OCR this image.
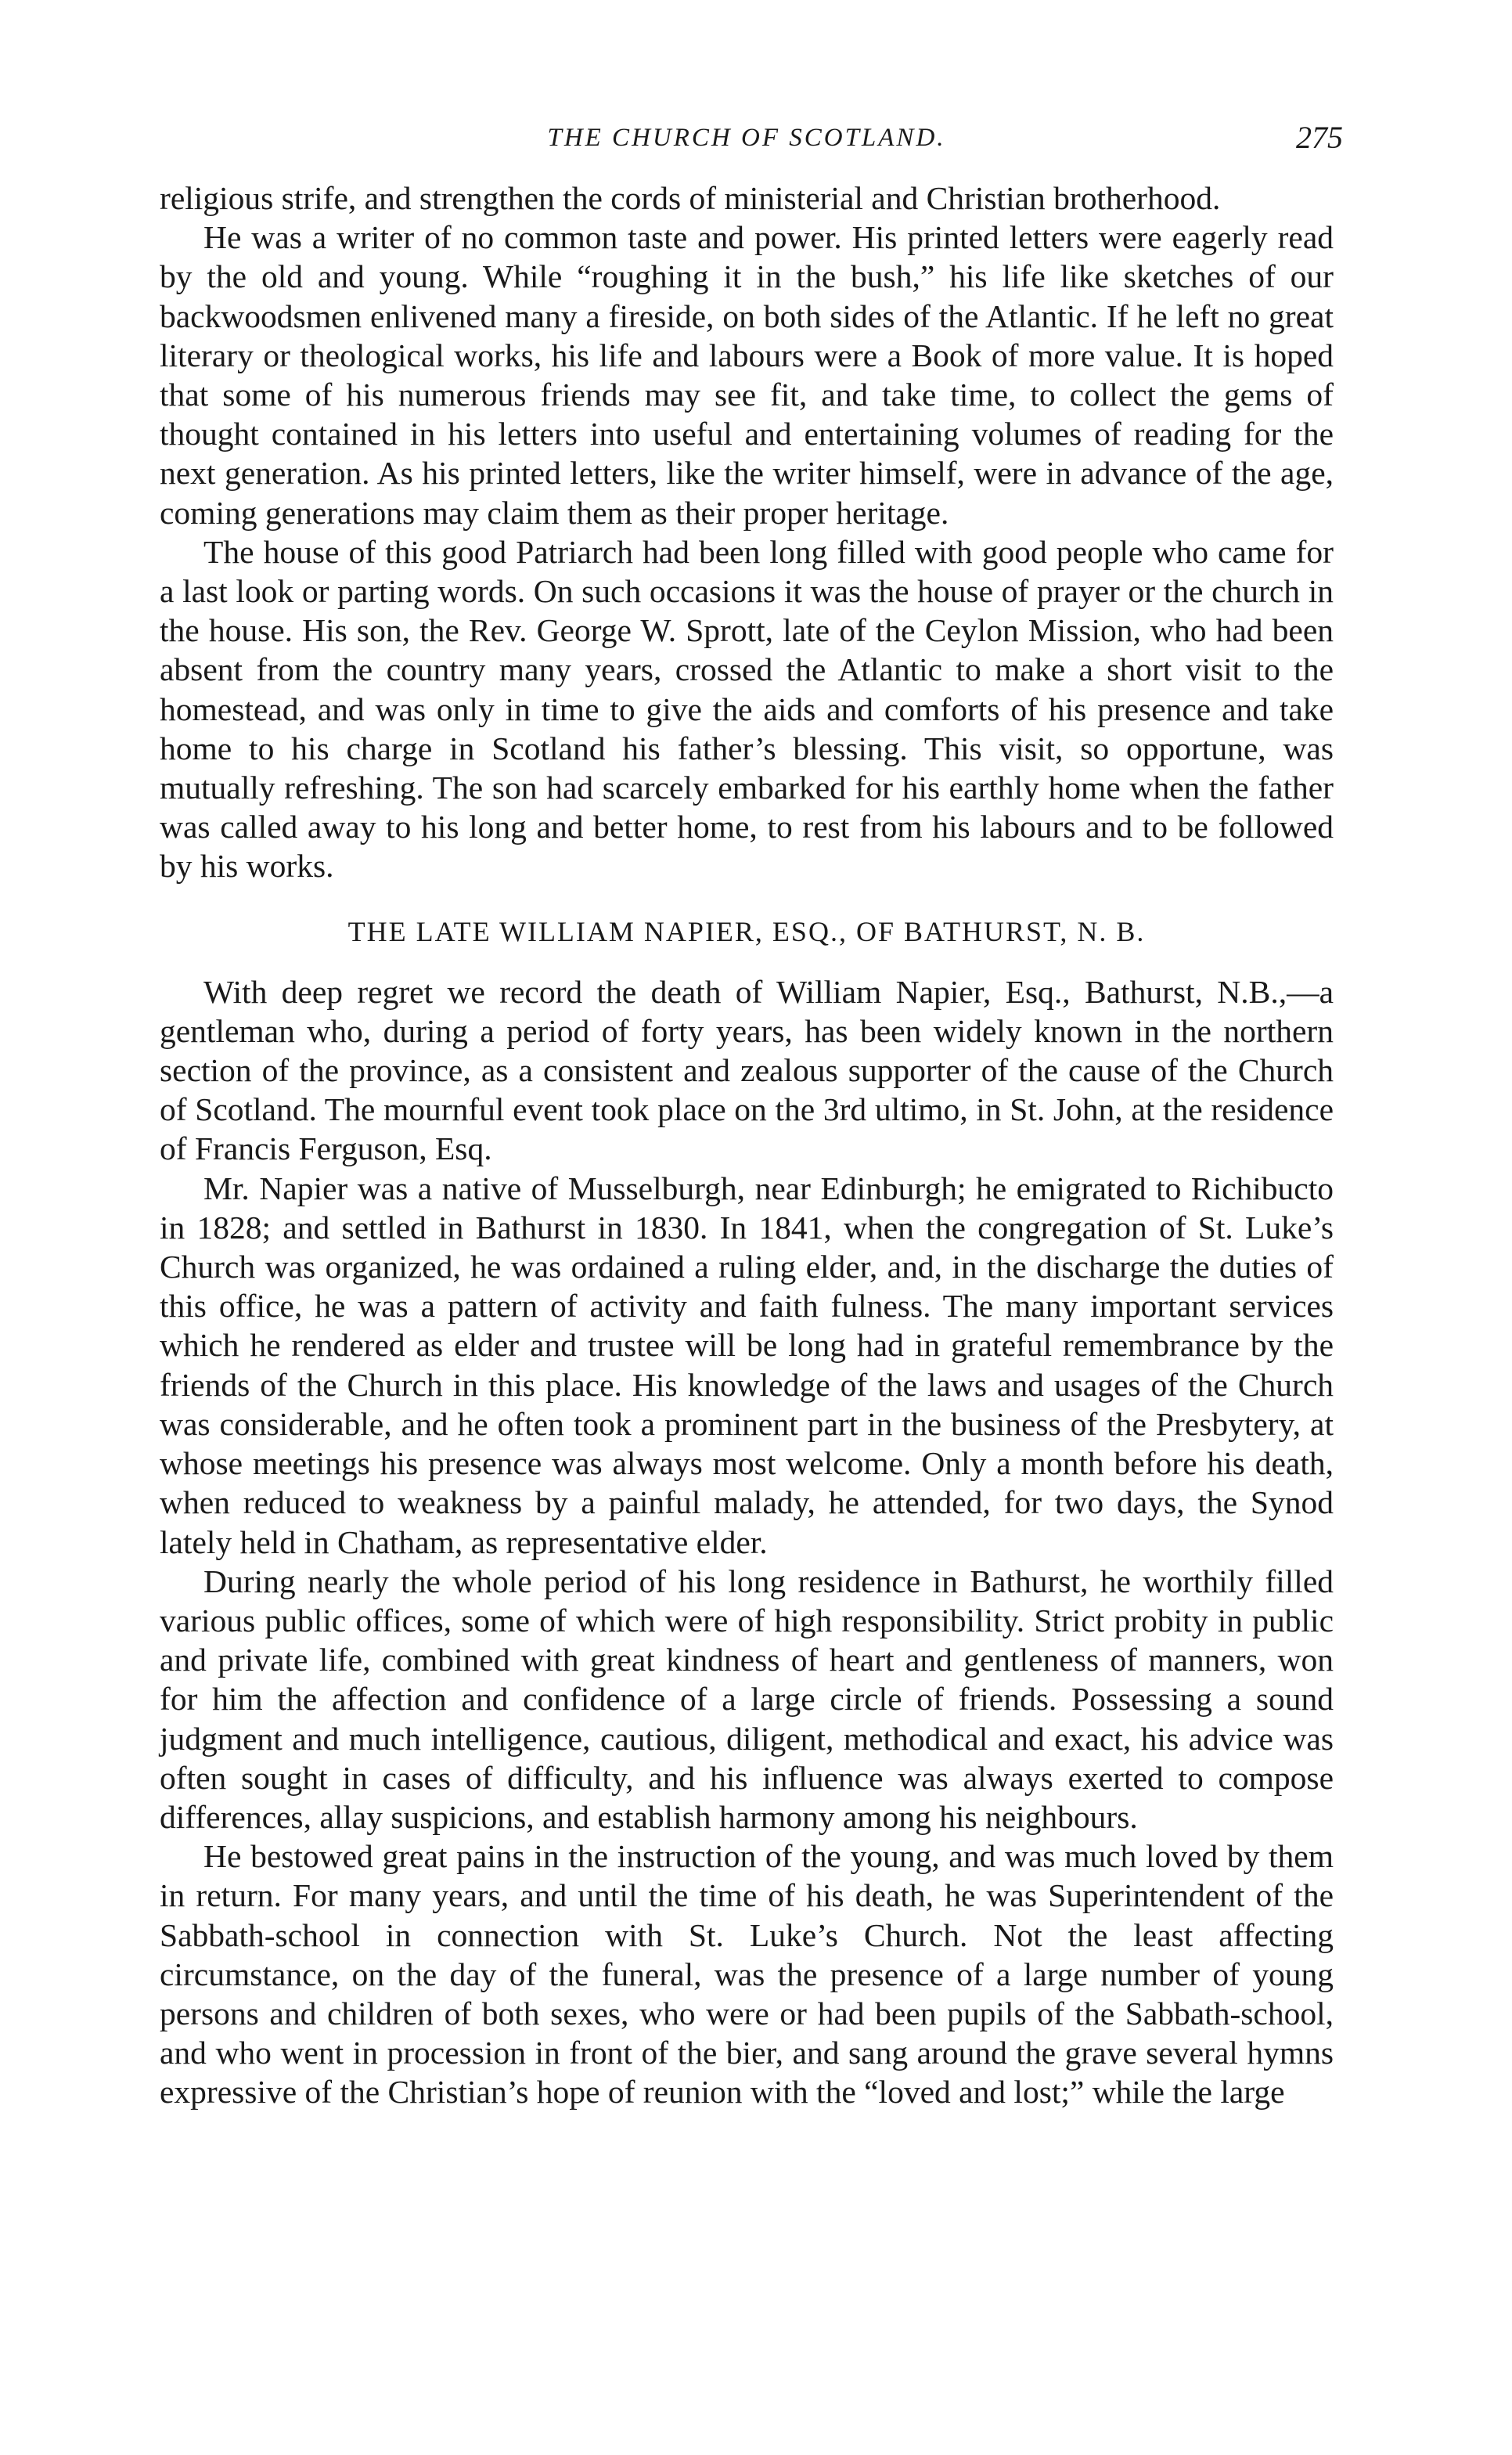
THE CHURCH OF SCOTLAND.	275

religious strife, and strengthen the cords of ministerial and Christian brotherhood.

He was a writer of no common taste and power. His printed letters were eagerly read by the old and young. While “roughing it in the bush,” his life like sketches of our backwoodsmen enlivened many a fireside, on both sides of the Atlantic. If he left no great literary or theological works, his life and labours were a Book of more value. It is hoped that some of his numerous friends may see fit, and take time, to collect the gems of thought contained in his letters into useful and entertaining volumes of reading for the next generation. As his printed letters, like the writer himself, were in advance of the age, coming generations may claim them as their proper heritage.

The house of this good Patriarch had been long filled with good people who came for a last look or parting words. On such occasions it was the house of prayer or the church in the house. His son, the Rev. George W. Sprott, late of the Ceylon Mission, who had been absent from the country many years, crossed the Atlantic to make a short visit to the homestead, and was only in time to give the aids and comforts of his presence and take home to his charge in Scotland his father’s blessing. This visit, so opportune, was mutually refreshing. The son had scarcely embarked for his earthly home when the father was called away to his long and better home, to rest from his labours and to be followed by his works.

THE LATE WILLIAM NAPIER, ESQ., OF BATHURST, N. B.

With deep regret we record the death of William Napier, Esq., Bathurst, N.B.,—a gentleman who, during a period of forty years, has been widely known in the northern section of the province, as a consistent and zealous supporter of the cause of the Church of Scotland. The mournful event took place on the 3rd ultimo, in St. John, at the residence of Francis Ferguson, Esq.

Mr. Napier was a native of Musselburgh, near Edinburgh; he emigrated to Richibucto in 1828; and settled in Bathurst in 1830. In 1841, when the congregation of St. Luke’s Church was organized, he was ordained a ruling elder, and, in the discharge the duties of this office, he was a pattern of activity and faith fulness. The many important services which he rendered as elder and trustee will be long had in grateful remembrance by the friends of the Church in this place. His knowledge of the laws and usages of the Church was considerable, and he often took a prominent part in the business of the Presbytery, at whose meetings his presence was always most welcome. Only a month before his death, when reduced to weakness by a painful malady, he attended, for two days, the Synod lately held in Chatham, as representative elder.

During nearly the whole period of his long residence in Bathurst, he worthily filled various public offices, some of which were of high responsibility. Strict probity in public and private life, combined with great kindness of heart and gentleness of manners, won for him the affection and confidence of a large circle of friends. Possessing a sound judgment and much intelligence, cautious, diligent, methodical and exact, his advice was often sought in cases of difficulty, and his influence was always exerted to compose differences, allay suspicions, and establish harmony among his neighbours.

He bestowed great pains in the instruction of the young, and was much loved by them in return. For many years, and until the time of his death, he was Superintendent of the Sabbath-school in connection with St. Luke’s Church. Not the least affecting circumstance, on the day of the funeral, was the presence of a large number of young persons and children of both sexes, who were or had been pupils of the Sabbath-school, and who went in procession in front of the bier, and sang around the grave several hymns expressive of the Christian’s hope of reunion with the “loved and lost;” while the large
